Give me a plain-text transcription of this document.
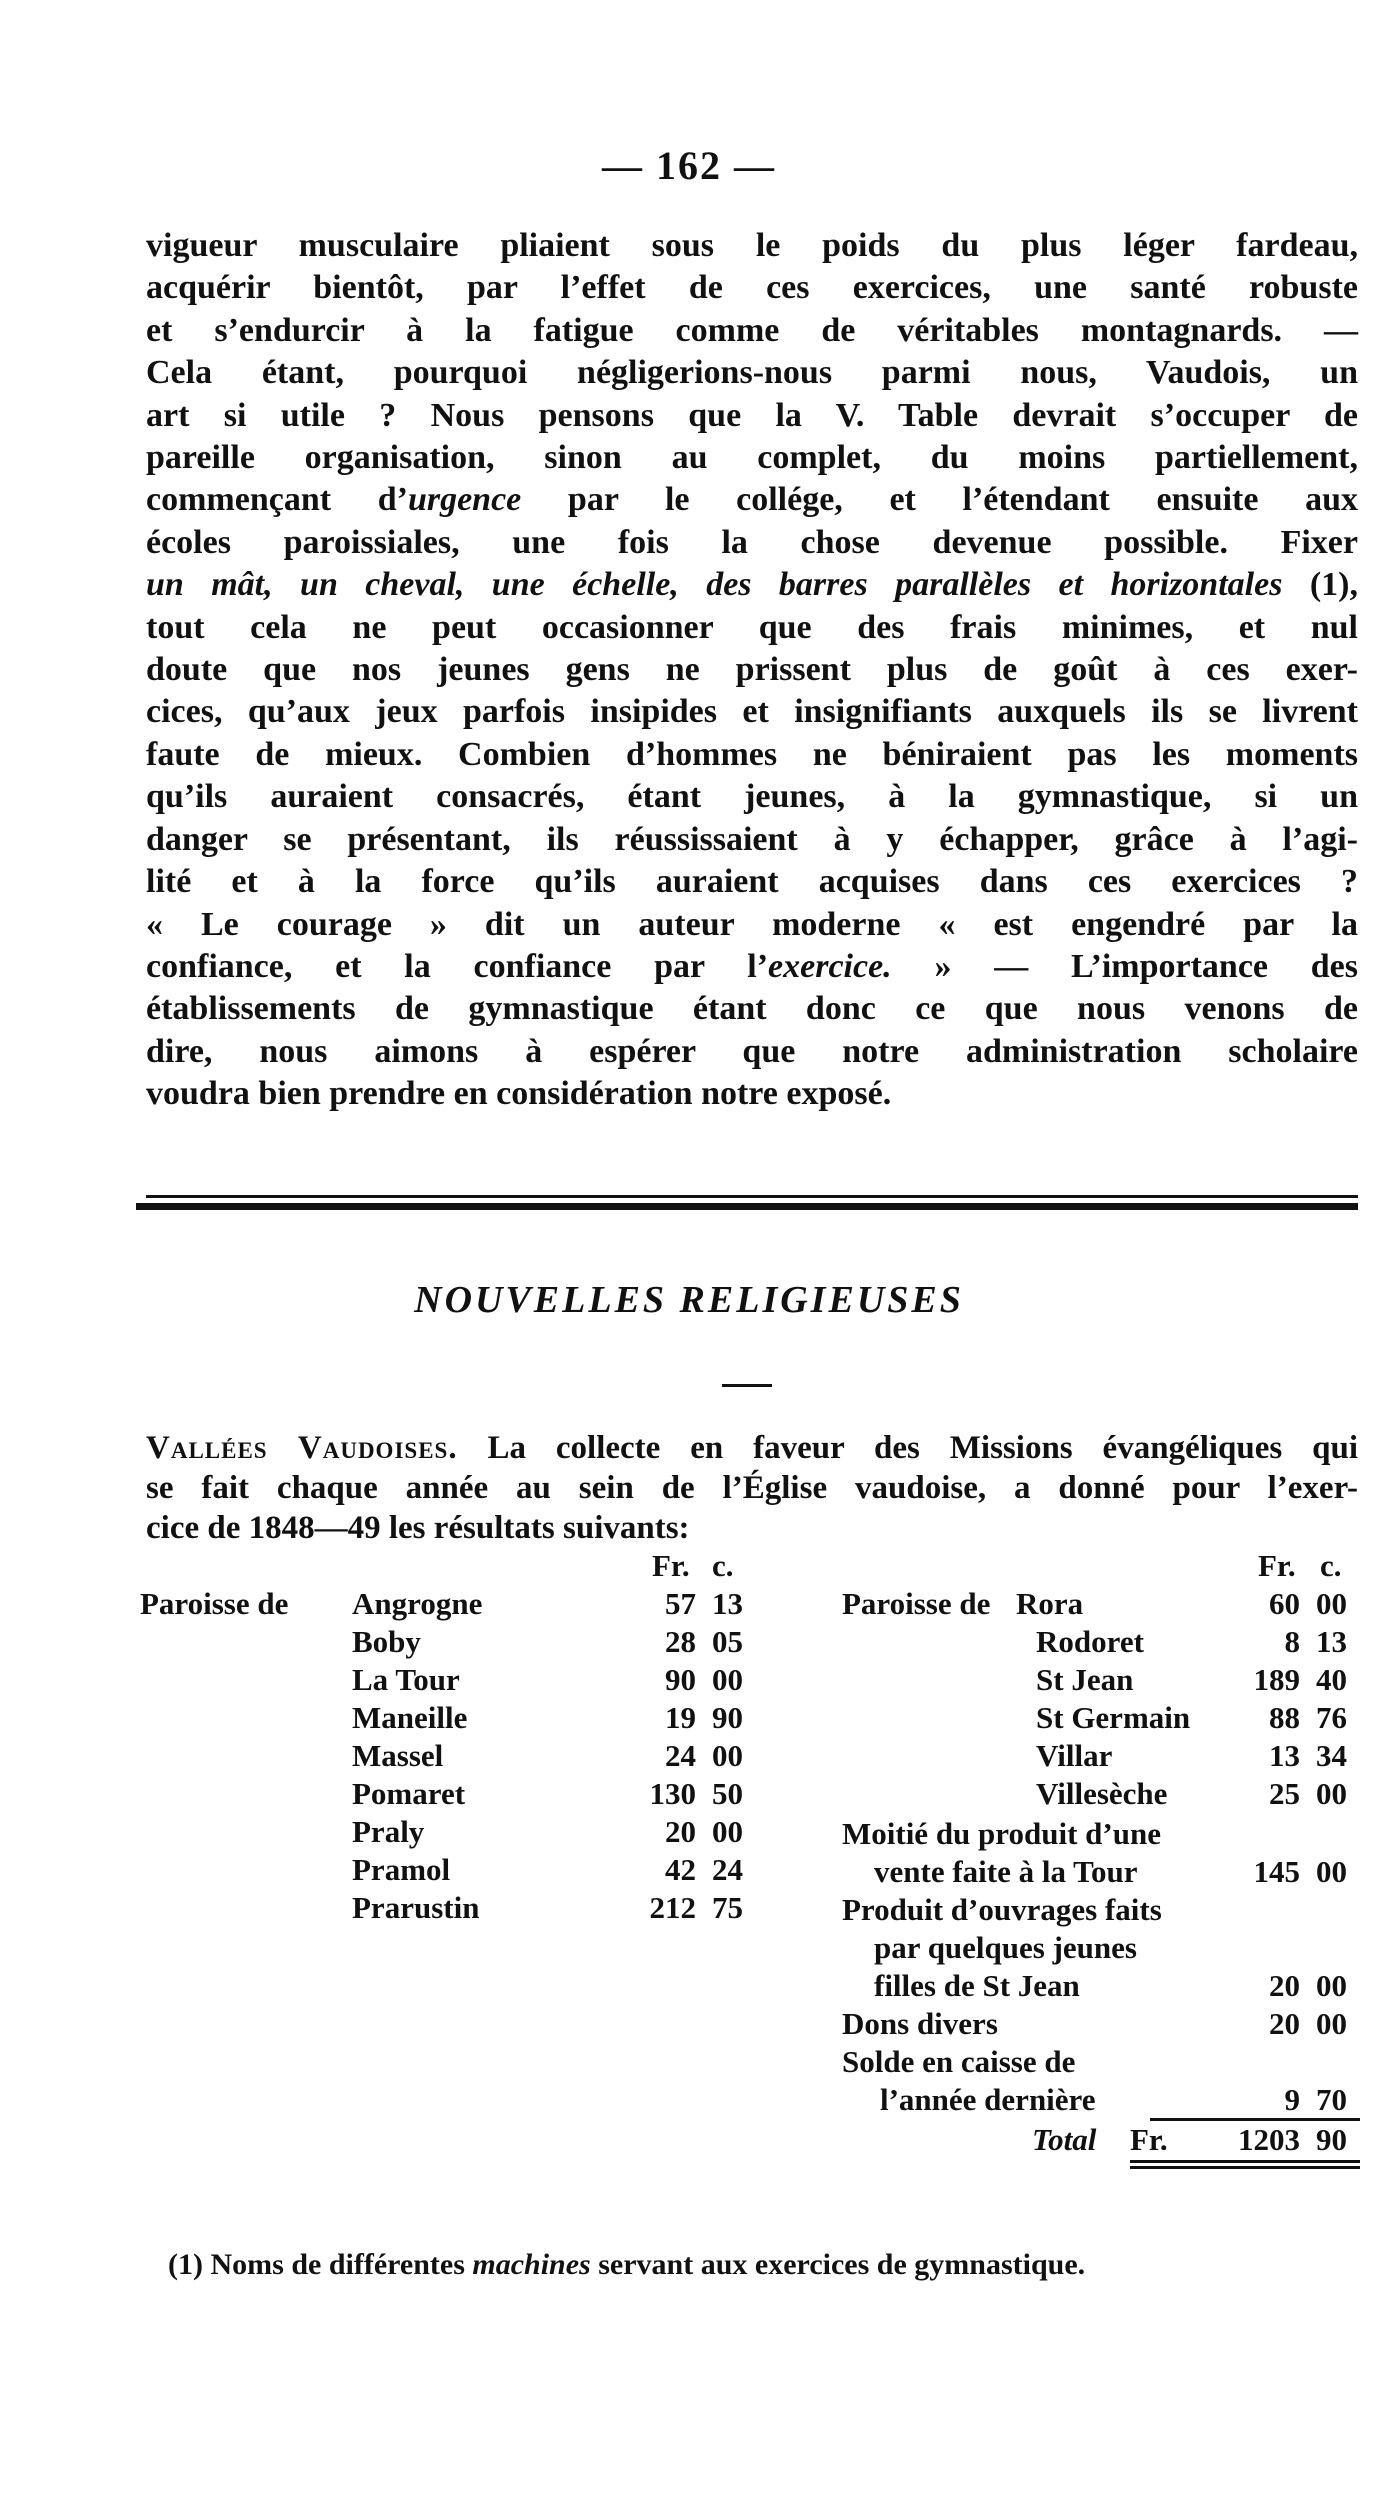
— 162 —
vigueur musculaire pliaient sous le poids du plus léger fardeau,
acquérir bientôt, par l’effet de ces exercices, une santé robuste
et s’endurcir à la fatigue comme de véritables montagnards. —
Cela étant, pourquoi négligerions-nous parmi nous, Vaudois, un
art si utile ? Nous pensons que la V. Table devrait s’occuper de
pareille organisation, sinon au complet, du moins partiellement,
commençant d’urgence par le collége, et l’étendant ensuite aux
écoles paroissiales, une fois la chose devenue possible. Fixer
un mât, un cheval, une échelle, des barres parallèles et horizontales (1),
tout cela ne peut occasionner que des frais minimes, et nul
doute que nos jeunes gens ne prissent plus de goût à ces exer-
cices, qu’aux jeux parfois insipides et insignifiants auxquels ils se livrent
faute de mieux. Combien d’hommes ne béniraient pas les moments
qu’ils auraient consacrés, étant jeunes, à la gymnastique, si un
danger se présentant, ils réussissaient à y échapper, grâce à l’agi-
lité et à la force qu’ils auraient acquises dans ces exercices ?
« Le courage » dit un auteur moderne « est engendré par la
confiance, et la confiance par l’exercice. » — L’importance des
établissements de gymnastique étant donc ce que nous venons de
dire, nous aimons à espérer que notre administration scholaire
voudra bien prendre en considération notre exposé.
NOUVELLES RELIGIEUSES
Vallées Vaudoises. La collecte en faveur des Missions évangéliques qui
se fait chaque année au sein de l’Église vaudoise, a donné pour l’exer-
cice de 1848—49 les résultats suivants:
Fr. c.	Fr. c.
Paroisse de Angrogne	57 13
Boby	28 05
La Tour	90 00
Maneille	19 90
Massel	24 00
Pomaret	130 50
Praly	20 00
Pramol	42 24
Prarustin	212 75
Paroisse de Rora	60 00
Rodoret	8 13
St Jean	189 40
St Germain	88 76
Villar	13 34
Villesèche	25 00
Moitié du produit d’une
vente faite à la Tour	145 00
Produit d’ouvrages faits
par quelques jeunes
filles de St Jean	20 00
Dons divers	20 00
Solde en caisse de
l’année dernière	9 70
Total Fr.	1203 90
(1) Noms de différentes machines servant aux exercices de gymnastique.
